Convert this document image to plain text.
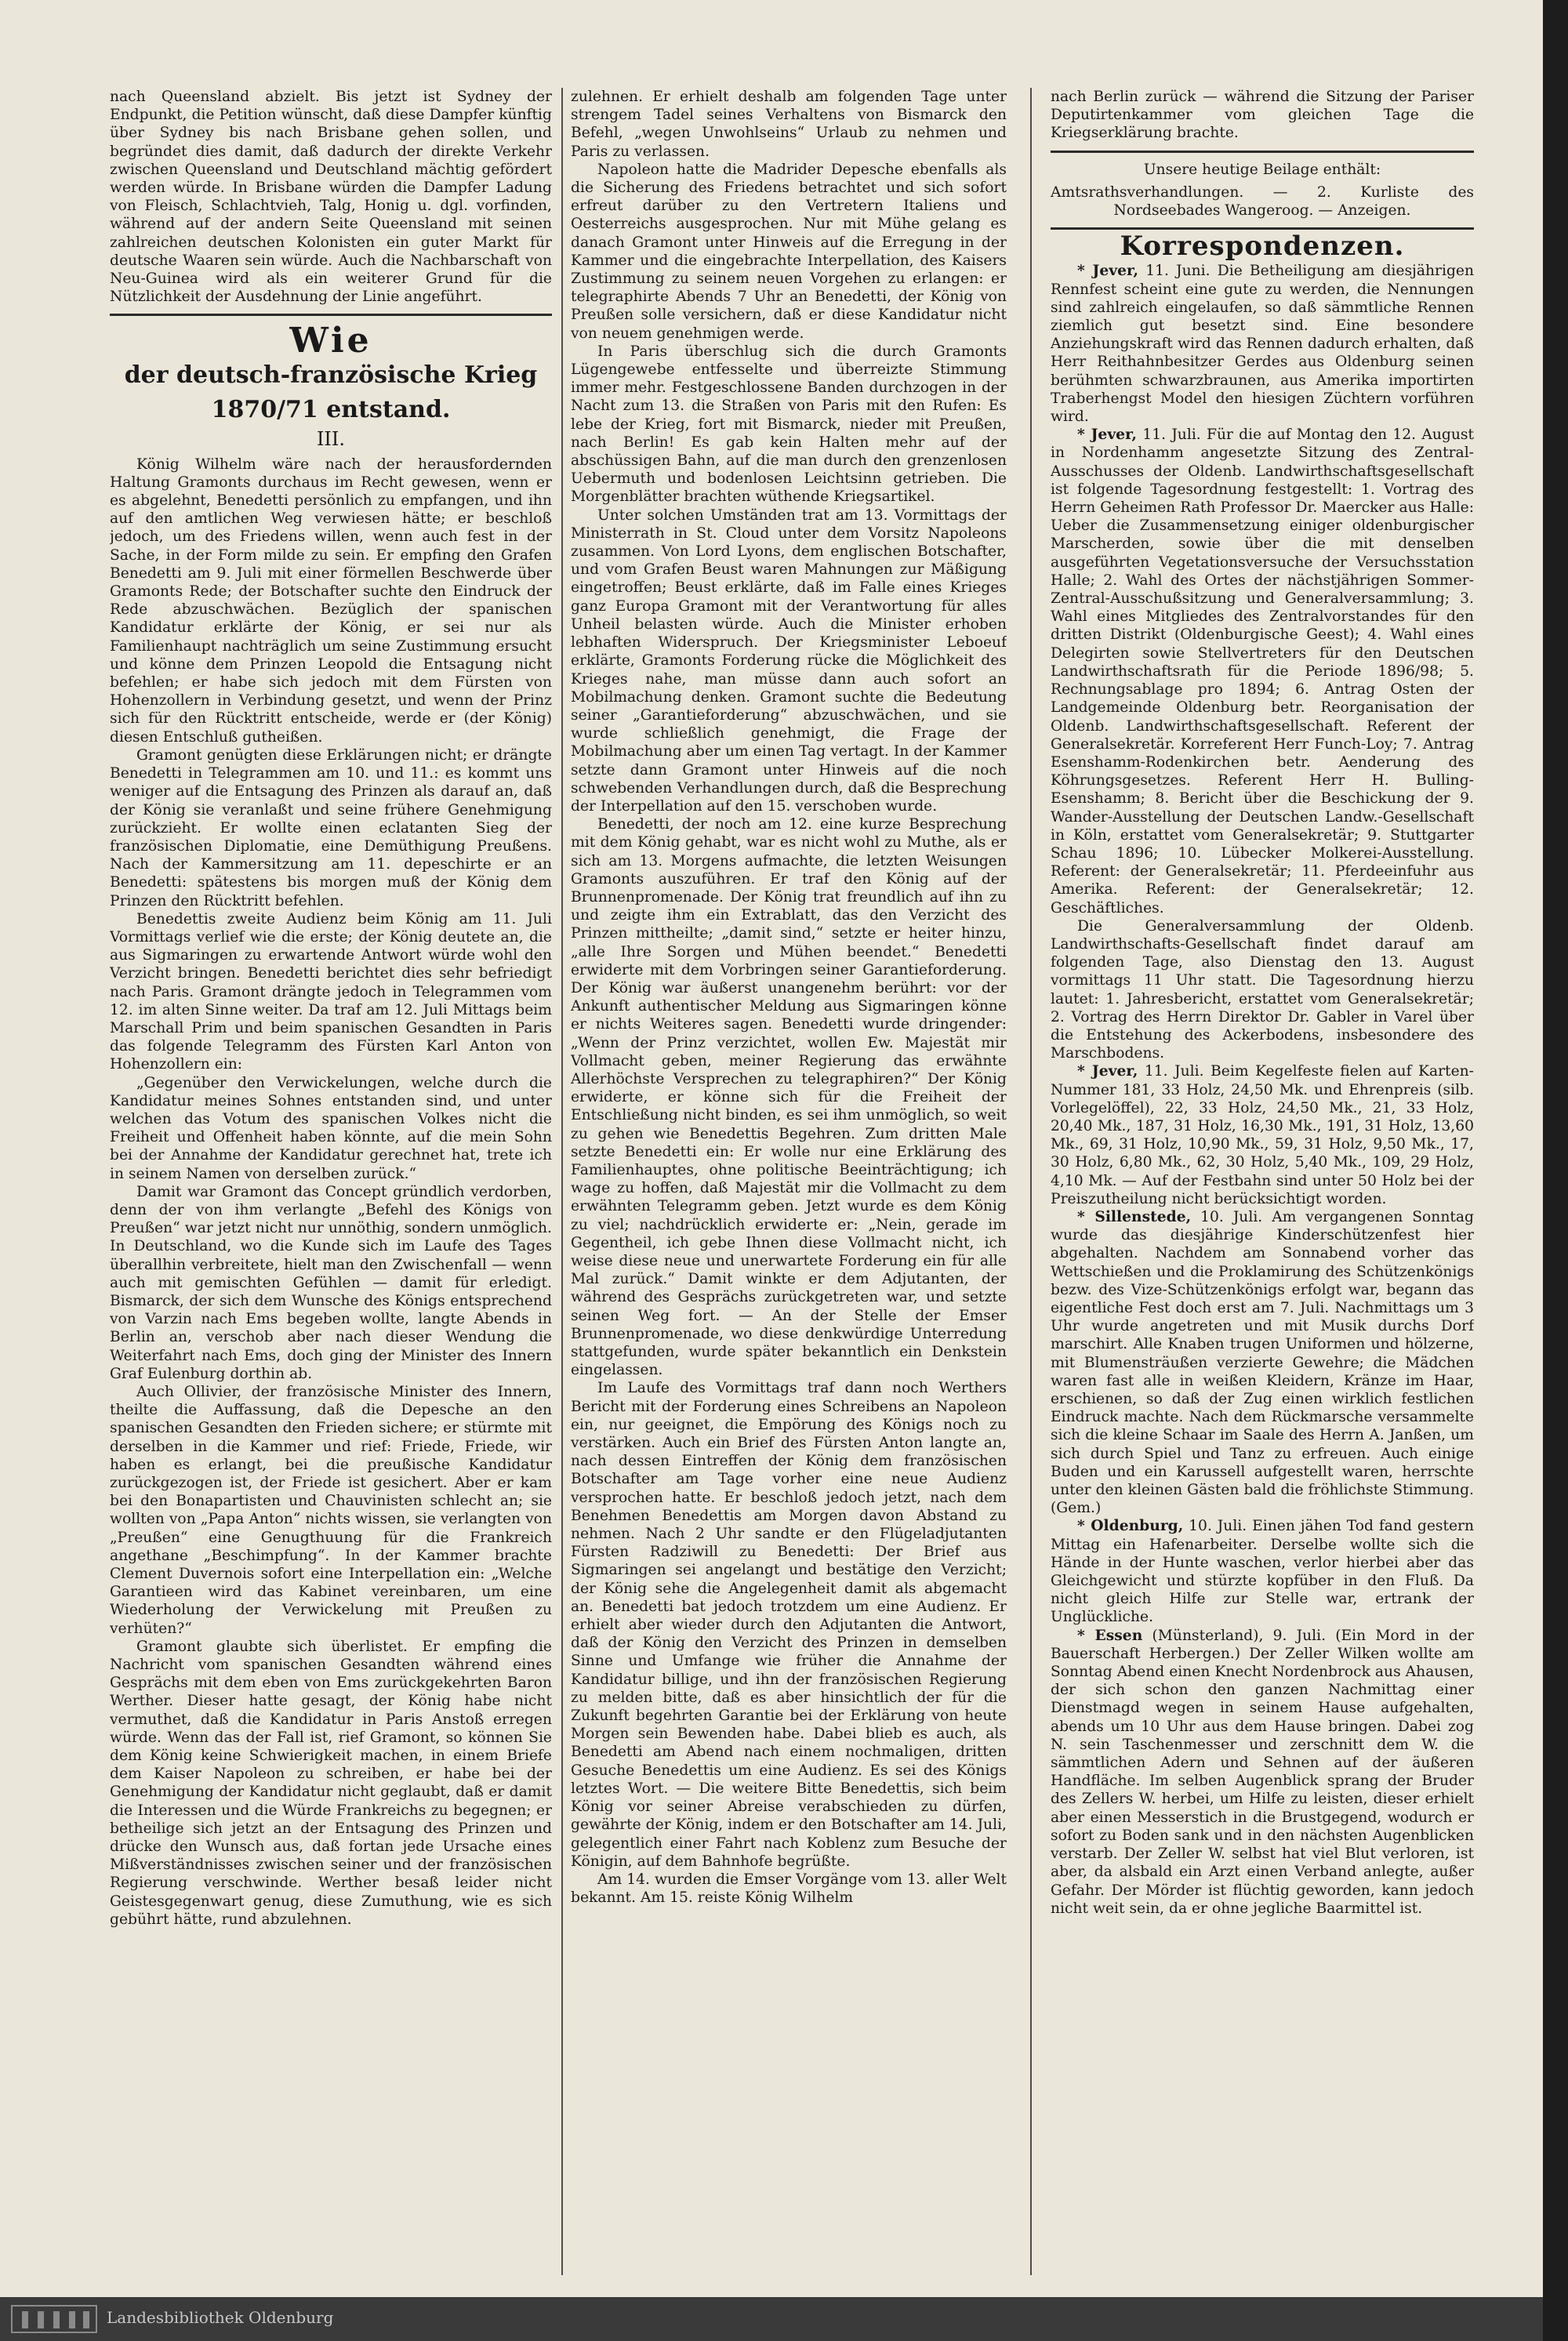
nach Queensland abzielt. Bis jetzt ist Sydney der Endpunkt, die Petition wünscht, daß diese Dampfer künftig über Sydney bis nach Brisbane gehen sollen, und begründet dies damit, daß dadurch der direkte Verkehr zwischen Queensland und Deutschland mächtig gefördert werden würde. In Brisbane würden die Dampfer Ladung von Fleisch, Schlachtvieh, Talg, Honig u. dgl. vorfinden, während auf der andern Seite Queensland mit seinen zahlreichen deutschen Kolonisten ein guter Markt für deutsche Waaren sein würde. Auch die Nachbarschaft von Neu-Guinea wird als ein weiterer Grund für die Nützlichkeit der Ausdehnung der Linie angeführt.

Wie
der deutsch-französische Krieg 1870/71 entstand.
III.

König Wilhelm wäre nach der herausfordernden Haltung Gramonts durchaus im Recht gewesen, wenn er es abgelehnt, Benedetti persönlich zu empfangen, und ihn auf den amtlichen Weg verwiesen hätte; er beschloß jedoch, um des Friedens willen, wenn auch fest in der Sache, in der Form milde zu sein. Er empfing den Grafen Benedetti am 9. Juli mit einer förmellen Beschwerde über Gramonts Rede; der Botschafter suchte den Eindruck der Rede abzuschwächen. Bezüglich der spanischen Kandidatur erklärte der König, er sei nur als Familienhaupt nachträglich um seine Zustimmung ersucht und könne dem Prinzen Leopold die Entsagung nicht befehlen; er habe sich jedoch mit dem Fürsten von Hohenzollern in Verbindung gesetzt, und wenn der Prinz sich für den Rücktritt entscheide, werde er (der König) diesen Entschluß gutheißen.

Gramont genügten diese Erklärungen nicht; er drängte Benedetti in Telegrammen am 10. und 11.: es kommt uns weniger auf die Entsagung des Prinzen als darauf an, daß der König sie veranlaßt und seine frühere Genehmigung zurückzieht. Er wollte einen eclatanten Sieg der französischen Diplomatie, eine Demüthigung Preußens. Nach der Kammersitzung am 11. depeschirte er an Benedetti: spätestens bis morgen muß der König dem Prinzen den Rücktritt befehlen.

Benedettis zweite Audienz beim König am 11. Juli Vormittags verlief wie die erste; der König deutete an, die aus Sigmaringen zu erwartende Antwort würde wohl den Verzicht bringen. Benedetti berichtet dies sehr befriedigt nach Paris. Gramont drängte jedoch in Telegrammen vom 12. im alten Sinne weiter. Da traf am 12. Juli Mittags beim Marschall Prim und beim spanischen Gesandten in Paris das folgende Telegramm des Fürsten Karl Anton von Hohenzollern ein:

„Gegenüber den Verwickelungen, welche durch die Kandidatur meines Sohnes entstanden sind, und unter welchen das Votum des spanischen Volkes nicht die Freiheit und Offenheit haben könnte, auf die mein Sohn bei der Annahme der Kandidatur gerechnet hat, trete ich in seinem Namen von derselben zurück.“

Damit war Gramont das Concept gründlich verdorben, denn der von ihm verlangte „Befehl des Königs von Preußen“ war jetzt nicht nur unnöthig, sondern unmöglich. In Deutschland, wo die Kunde sich im Laufe des Tages überallhin verbreitete, hielt man den Zwischenfall — wenn auch mit gemischten Gefühlen — damit für erledigt. Bismarck, der sich dem Wunsche des Königs entsprechend von Varzin nach Ems begeben wollte, langte Abends in Berlin an, verschob aber nach dieser Wendung die Weiterfahrt nach Ems, doch ging der Minister des Innern Graf Eulenburg dorthin ab.

Auch Ollivier, der französische Minister des Innern, theilte die Auffassung, daß die Depesche an den spanischen Gesandten den Frieden sichere; er stürmte mit derselben in die Kammer und rief: Friede, Friede, wir haben es erlangt, bei die preußische Kandidatur zurückgezogen ist, der Friede ist gesichert. Aber er kam bei den Bonapartisten und Chauvinisten schlecht an; sie wollten von „Papa Anton“ nichts wissen, sie verlangten von „Preußen“ eine Genugthuung für die Frankreich angethane „Beschimpfung“. In der Kammer brachte Clement Duvernois sofort eine Interpellation ein: „Welche Garantieen wird das Kabinet vereinbaren, um eine Wiederholung der Verwickelung mit Preußen zu verhüten?“

Gramont glaubte sich überlistet. Er empfing die Nachricht vom spanischen Gesandten während eines Gesprächs mit dem eben von Ems zurückgekehrten Baron Werther. Dieser hatte gesagt, der König habe nicht vermuthet, daß die Kandidatur in Paris Anstoß erregen würde. Wenn das der Fall ist, rief Gramont, so können Sie dem König keine Schwierigkeit machen, in einem Briefe dem Kaiser Napoleon zu schreiben, er habe bei der Genehmigung der Kandidatur nicht geglaubt, daß er damit die Interessen und die Würde Frankreichs zu begegnen; er betheilige sich jetzt an der Entsagung des Prinzen und drücke den Wunsch aus, daß fortan jede Ursache eines Mißverständnisses zwischen seiner und der französischen Regierung verschwinde. Werther besaß leider nicht Geistesgegenwart genug, diese Zumuthung, wie es sich gebührt hätte, rund abzulehnen.

zulehnen. Er erhielt deshalb am folgenden Tage unter strengem Tadel seines Verhaltens von Bismarck den Befehl, „wegen Unwohlseins“ Urlaub zu nehmen und Paris zu verlassen.

Napoleon hatte die Madrider Depesche ebenfalls als die Sicherung des Friedens betrachtet und sich sofort erfreut darüber zu den Vertretern Italiens und Oesterreichs ausgesprochen. Nur mit Mühe gelang es danach Gramont unter Hinweis auf die Erregung in der Kammer und die eingebrachte Interpellation, des Kaisers Zustimmung zu seinem neuen Vorgehen zu erlangen: er telegraphirte Abends 7 Uhr an Benedetti, der König von Preußen solle versichern, daß er diese Kandidatur nicht von neuem genehmigen werde.

In Paris überschlug sich die durch Gramonts Lügengewebe entfesselte und überreizte Stimmung immer mehr. Festgeschlossene Banden durchzogen in der Nacht zum 13. die Straßen von Paris mit den Rufen: Es lebe der Krieg, fort mit Bismarck, nieder mit Preußen, nach Berlin! Es gab kein Halten mehr auf der abschüssigen Bahn, auf die man durch den grenzenlosen Uebermuth und bodenlosen Leichtsinn getrieben. Die Morgenblätter brachten wüthende Kriegsartikel.

Unter solchen Umständen trat am 13. Vormittags der Ministerrath in St. Cloud unter dem Vorsitz Napoleons zusammen. Von Lord Lyons, dem englischen Botschafter, und vom Grafen Beust waren Mahnungen zur Mäßigung eingetroffen; Beust erklärte, daß im Falle eines Krieges ganz Europa Gramont mit der Verantwortung für alles Unheil belasten würde. Auch die Minister erhoben lebhaften Widerspruch. Der Kriegsminister Leboeuf erklärte, Gramonts Forderung rücke die Möglichkeit des Krieges nahe, man müsse dann auch sofort an Mobilmachung denken. Gramont suchte die Bedeutung seiner „Garantieforderung“ abzuschwächen, und sie wurde schließlich genehmigt, die Frage der Mobilmachung aber um einen Tag vertagt. In der Kammer setzte dann Gramont unter Hinweis auf die noch schwebenden Verhandlungen durch, daß die Besprechung der Interpellation auf den 15. verschoben wurde.

Benedetti, der noch am 12. eine kurze Besprechung mit dem König gehabt, war es nicht wohl zu Muthe, als er sich am 13. Morgens aufmachte, die letzten Weisungen Gramonts auszuführen. Er traf den König auf der Brunnenpromenade. Der König trat freundlich auf ihn zu und zeigte ihm ein Extrablatt, das den Verzicht des Prinzen mittheilte; „damit sind,“ setzte er heiter hinzu, „alle Ihre Sorgen und Mühen beendet.“ Benedetti erwiderte mit dem Vorbringen seiner Garantieforderung. Der König war äußerst unangenehm berührt: vor der Ankunft authentischer Meldung aus Sigmaringen könne er nichts Weiteres sagen. Benedetti wurde dringender: „Wenn der Prinz verzichtet, wollen Ew. Majestät mir Vollmacht geben, meiner Regierung das erwähnte Allerhöchste Versprechen zu telegraphiren?“ Der König erwiderte, er könne sich für die Freiheit der Entschließung nicht binden, es sei ihm unmöglich, so weit zu gehen wie Benedettis Begehren. Zum dritten Male setzte Benedetti ein: Er wolle nur eine Erklärung des Familienhauptes, ohne politische Beeinträchtigung; ich wage zu hoffen, daß Majestät mir die Vollmacht zu dem erwähnten Telegramm geben. Jetzt wurde es dem König zu viel; nachdrücklich erwiderte er: „Nein, gerade im Gegentheil, ich gebe Ihnen diese Vollmacht nicht, ich weise diese neue und unerwartete Forderung ein für alle Mal zurück.“ Damit winkte er dem Adjutanten, der während des Gesprächs zurückgetreten war, und setzte seinen Weg fort. — An der Stelle der Emser Brunnenpromenade, wo diese denkwürdige Unterredung stattgefunden, wurde später bekanntlich ein Denkstein eingelassen.

Im Laufe des Vormittags traf dann noch Werthers Bericht mit der Forderung eines Schreibens an Napoleon ein, nur geeignet, die Empörung des Königs noch zu verstärken. Auch ein Brief des Fürsten Anton langte an, nach dessen Eintreffen der König dem französischen Botschafter am Tage vorher eine neue Audienz versprochen hatte. Er beschloß jedoch jetzt, nach dem Benehmen Benedettis am Morgen davon Abstand zu nehmen. Nach 2 Uhr sandte er den Flügeladjutanten Fürsten Radziwill zu Benedetti: Der Brief aus Sigmaringen sei angelangt und bestätige den Verzicht; der König sehe die Angelegenheit damit als abgemacht an. Benedetti bat jedoch trotzdem um eine Audienz. Er erhielt aber wieder durch den Adjutanten die Antwort, daß der König den Verzicht des Prinzen in demselben Sinne und Umfange wie früher die Annahme der Kandidatur billige, und ihn der französischen Regierung zu melden bitte, daß es aber hinsichtlich der für die Zukunft begehrten Garantie bei der Erklärung von heute Morgen sein Bewenden habe. Dabei blieb es auch, als Benedetti am Abend nach einem nochmaligen, dritten Gesuche Benedettis um eine Audienz. Es sei des Königs letztes Wort. — Die weitere Bitte Benedettis, sich beim König vor seiner Abreise verabschieden zu dürfen, gewährte der König, indem er den Botschafter am 14. Juli, gelegentlich einer Fahrt nach Koblenz zum Besuche der Königin, auf dem Bahnhofe begrüßte.

Am 14. wurden die Emser Vorgänge vom 13. aller Welt bekannt. Am 15. reiste König Wilhelm

nach Berlin zurück — während die Sitzung der Pariser Deputirtenkammer vom gleichen Tage die Kriegserklärung brachte.

Unsere heutige Beilage enthält:
Amtsrathsverhandlungen. — 2. Kurliste des Nordseebades Wangeroog. — Anzeigen.
Korrespondenzen.

* Jever, 11. Juni. Die Betheiligung am diesjährigen Rennfest scheint eine gute zu werden, die Nennungen sind zahlreich eingelaufen, so daß sämmtliche Rennen ziemlich gut besetzt sind. Eine besondere Anziehungskraft wird das Rennen dadurch erhalten, daß Herr Reithahnbesitzer Gerdes aus Oldenburg seinen berühmten schwarzbraunen, aus Amerika importirten Traberhengst Model den hiesigen Züchtern vorführen wird.

* Jever, 11. Juli. Für die auf Montag den 12. August in Nordenhamm angesetzte Sitzung des Zentral-Ausschusses der Oldenb. Landwirthschaftsgesellschaft ist folgende Tagesordnung festgestellt: 1. Vortrag des Herrn Geheimen Rath Professor Dr. Maercker aus Halle: Ueber die Zusammensetzung einiger oldenburgischer Marscherden, sowie über die mit denselben ausgeführten Vegetationsversuche der Versuchsstation Halle; 2. Wahl des Ortes der nächstjährigen Sommer-Zentral-Ausschußsitzung und Generalversammlung; 3. Wahl eines Mitgliedes des Zentralvorstandes für den dritten Distrikt (Oldenburgische Geest); 4. Wahl eines Delegirten sowie Stellvertreters für den Deutschen Landwirthschaftsrath für die Periode 1896/98; 5. Rechnungsablage pro 1894; 6. Antrag Osten der Landgemeinde Oldenburg betr. Reorganisation der Oldenb. Landwirthschaftsgesellschaft. Referent der Generalsekretär. Korreferent Herr Funch-Loy; 7. Antrag Esenshamm-Rodenkirchen betr. Aenderung des Köhrungsgesetzes. Referent Herr H. Bulling-Esenshamm; 8. Bericht über die Beschickung der 9. Wander-Ausstellung der Deutschen Landw.-Gesellschaft in Köln, erstattet vom Generalsekretär; 9. Stuttgarter Schau 1896; 10. Lübecker Molkerei-Ausstellung. Referent: der Generalsekretär; 11. Pferdeeinfuhr aus Amerika. Referent: der Generalsekretär; 12. Geschäftliches.

Die Generalversammlung der Oldenb. Landwirthschafts-Gesellschaft findet darauf am folgenden Tage, also Dienstag den 13. August vormittags 11 Uhr statt. Die Tagesordnung hierzu lautet: 1. Jahresbericht, erstattet vom Generalsekretär; 2. Vortrag des Herrn Direktor Dr. Gabler in Varel über die Entstehung des Ackerbodens, insbesondere des Marschbodens.

* Jever, 11. Juli. Beim Kegelfeste fielen auf Karten-Nummer 181, 33 Holz, 24,50 Mk. und Ehrenpreis (silb. Vorlegelöffel), 22, 33 Holz, 24,50 Mk., 21, 33 Holz, 20,40 Mk., 187, 31 Holz, 16,30 Mk., 191, 31 Holz, 13,60 Mk., 69, 31 Holz, 10,90 Mk., 59, 31 Holz, 9,50 Mk., 17, 30 Holz, 6,80 Mk., 62, 30 Holz, 5,40 Mk., 109, 29 Holz, 4,10 Mk. — Auf der Festbahn sind unter 50 Holz bei der Preiszutheilung nicht berücksichtigt worden.

* Sillenstede, 10. Juli. Am vergangenen Sonntag wurde das diesjährige Kinderschützenfest hier abgehalten. Nachdem am Sonnabend vorher das Wettschießen und die Proklamirung des Schützenkönigs bezw. des Vize-Schützenkönigs erfolgt war, begann das eigentliche Fest doch erst am 7. Juli. Nachmittags um 3 Uhr wurde angetreten und mit Musik durchs Dorf marschirt. Alle Knaben trugen Uniformen und hölzerne, mit Blumensträußen verzierte Gewehre; die Mädchen waren fast alle in weißen Kleidern, Kränze im Haar, erschienen, so daß der Zug einen wirklich festlichen Eindruck machte. Nach dem Rückmarsche versammelte sich die kleine Schaar im Saale des Herrn A. Janßen, um sich durch Spiel und Tanz zu erfreuen. Auch einige Buden und ein Karussell aufgestellt waren, herrschte unter den kleinen Gästen bald die fröhlichste Stimmung. (Gem.)

* Oldenburg, 10. Juli. Einen jähen Tod fand gestern Mittag ein Hafenarbeiter. Derselbe wollte sich die Hände in der Hunte waschen, verlor hierbei aber das Gleichgewicht und stürzte kopfüber in den Fluß. Da nicht gleich Hilfe zur Stelle war, ertrank der Unglückliche.

* Essen (Münsterland), 9. Juli. (Ein Mord in der Bauerschaft Herbergen.) Der Zeller Wilken wollte am Sonntag Abend einen Knecht Nordenbrock aus Ahausen, der sich schon den ganzen Nachmittag einer Dienstmagd wegen in seinem Hause aufgehalten, abends um 10 Uhr aus dem Hause bringen. Dabei zog N. sein Taschenmesser und zerschnitt dem W. die sämmtlichen Adern und Sehnen auf der äußeren Handfläche. Im selben Augenblick sprang der Bruder des Zellers W. herbei, um Hilfe zu leisten, dieser erhielt aber einen Messerstich in die Brustgegend, wodurch er sofort zu Boden sank und in den nächsten Augenblicken verstarb. Der Zeller W. selbst hat viel Blut verloren, ist aber, da alsbald ein Arzt einen Verband anlegte, außer Gefahr. Der Mörder ist flüchtig geworden, kann jedoch nicht weit sein, da er ohne jegliche Baarmittel ist.

Landesbibliothek Oldenburg
